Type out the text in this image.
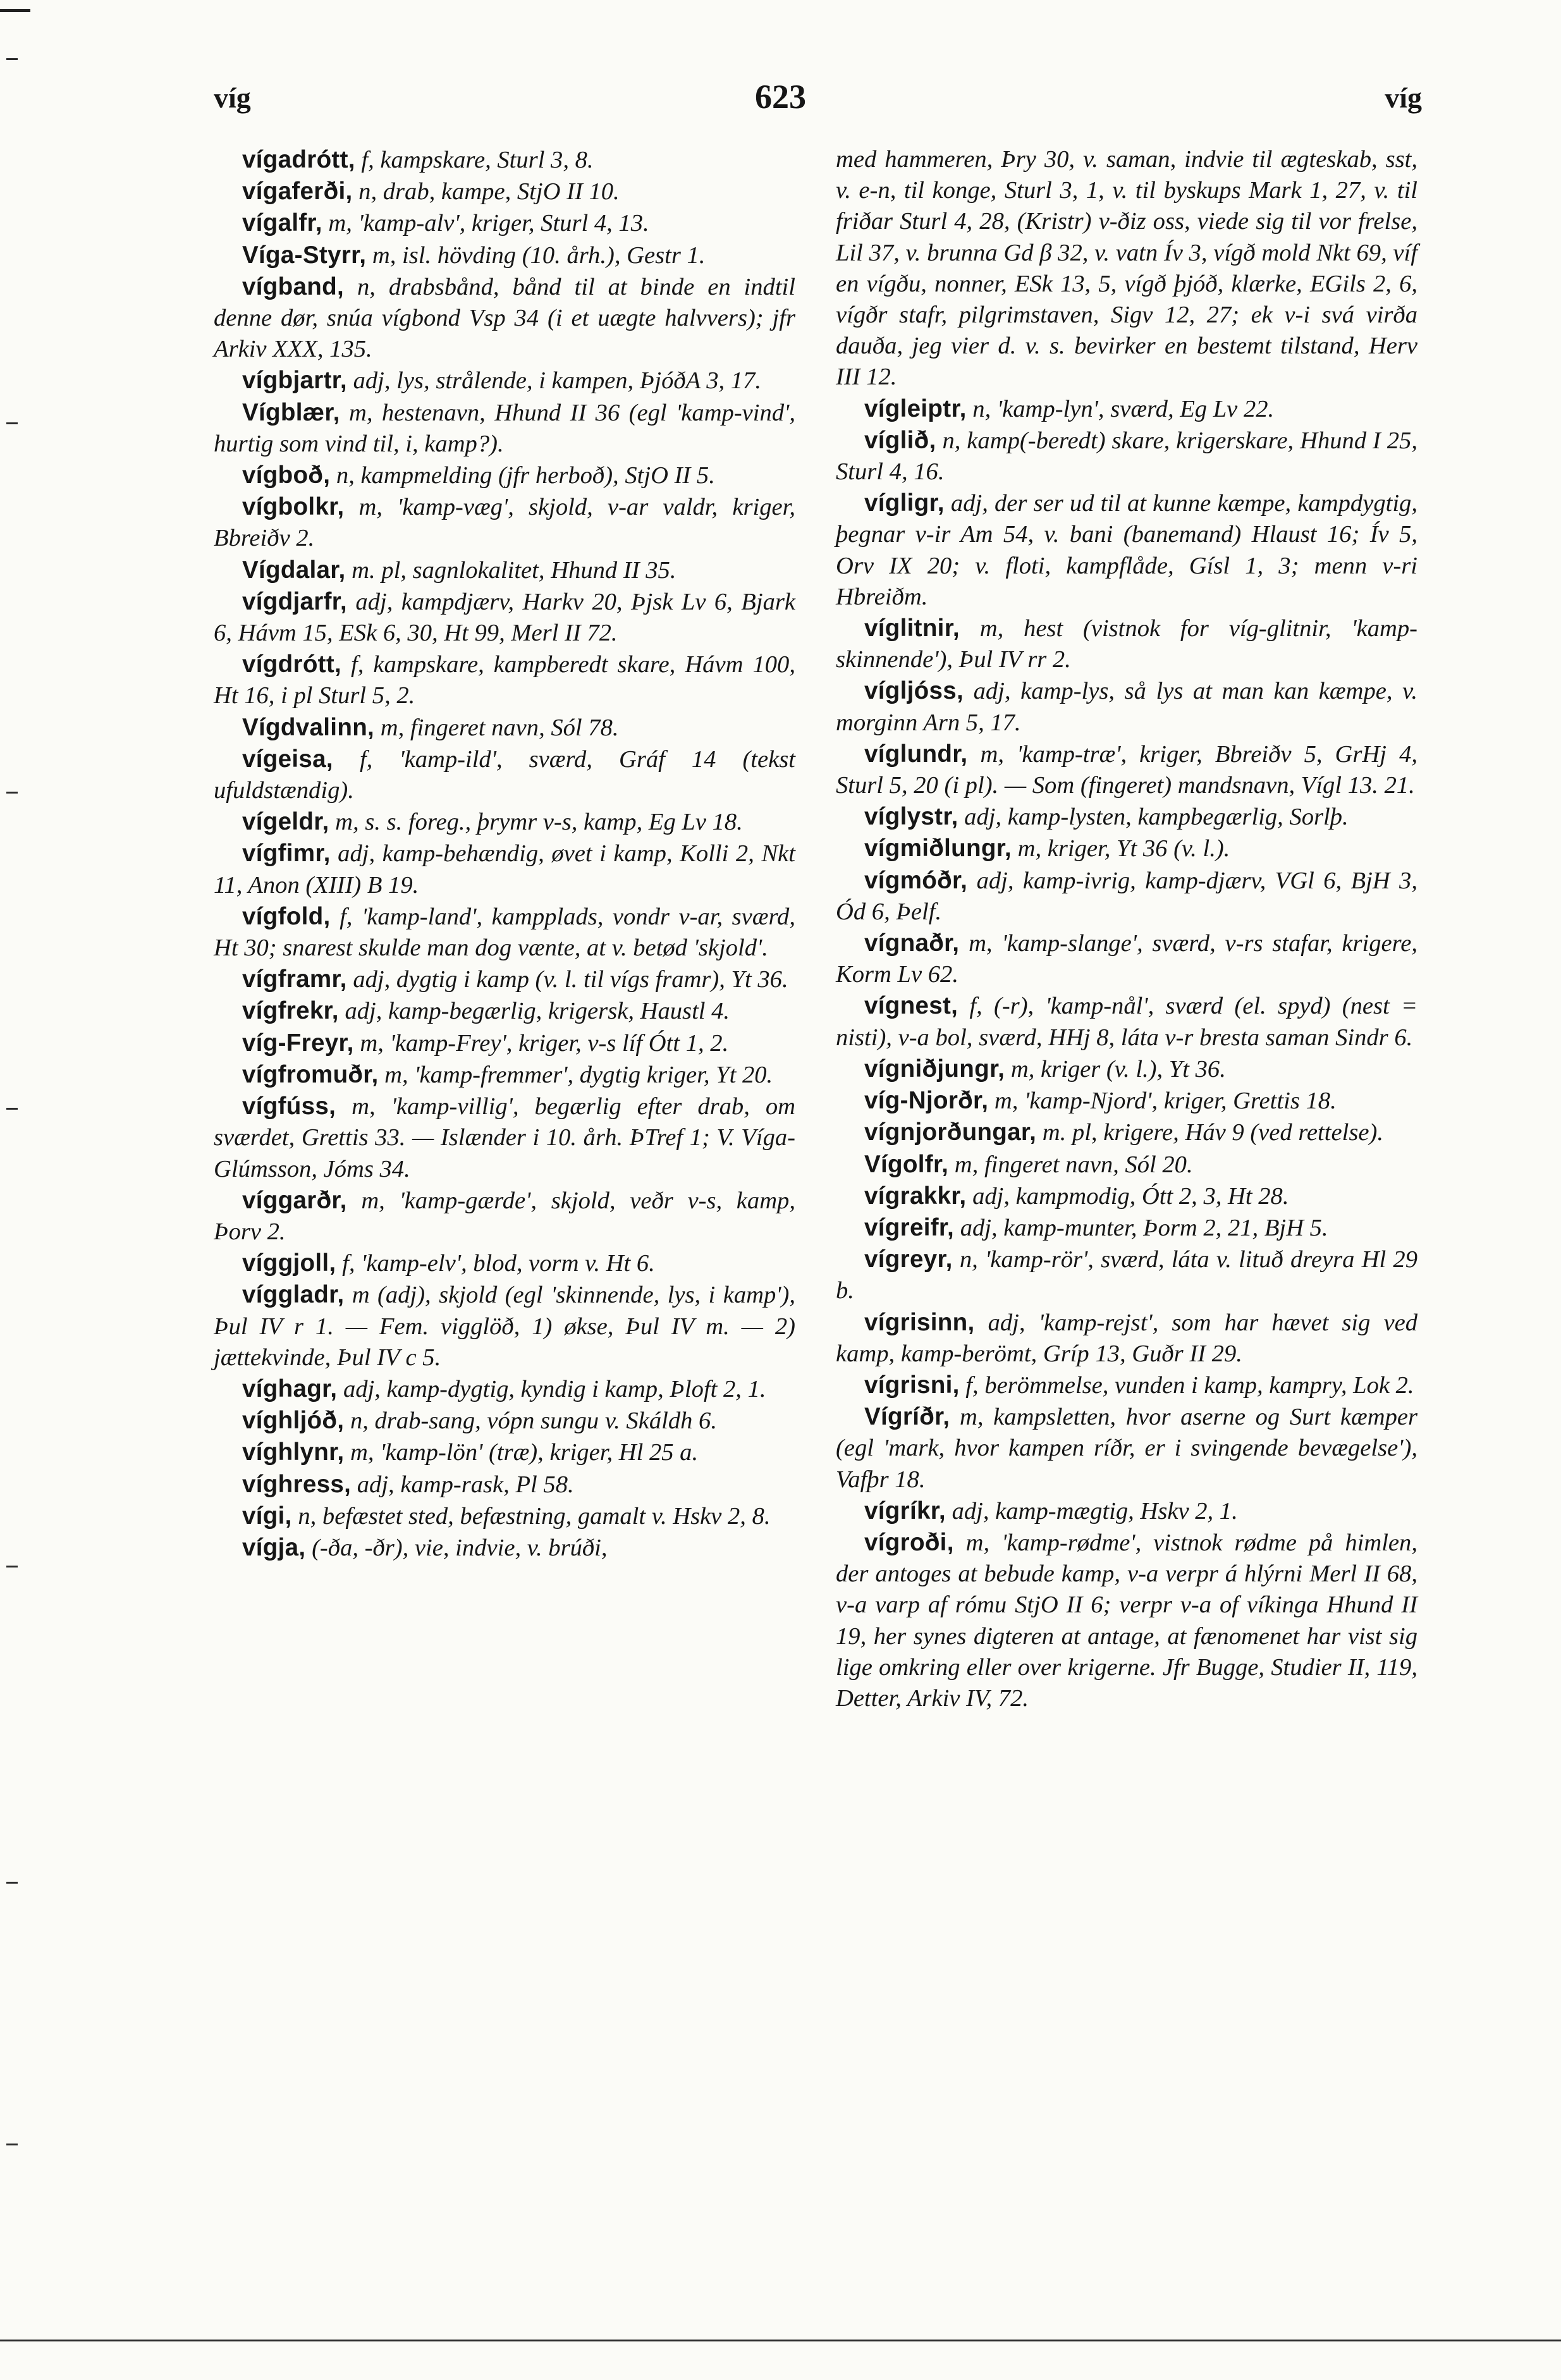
víg	623	víg

vígadrótt, f, kampskare, Sturl 3, 8.

vígaferði, n, drab, kampe, StjO II 10.

vígalfr, m, 'kamp-alv', kriger, Sturl 4, 13.

Víga-Styrr, m, isl. hövding (10. årh.), Gestr 1.

vígband, n, drabsbånd, bånd til at binde en indtil denne dør, snúa vígbond Vsp 34 (i et uægte halvvers); jfr Arkiv XXX, 135.

vígbjartr, adj, lys, strålende, i kampen, ÞjóðA 3, 17.

Vígblær, m, hestenavn, Hhund II 36 (egl 'kamp-vind', hurtig som vind til, i, kamp?).

vígboð, n, kampmelding (jfr herboð), StjO II 5.

vígbolkr, m, 'kamp-væg', skjold, v-ar valdr, kriger, Bbreiðv 2.

Vígdalar, m. pl, sagnlokalitet, Hhund II 35.

vígdjarfr, adj, kampdjærv, Harkv 20, Þjsk Lv 6, Bjark 6, Hávm 15, ESk 6, 30, Ht 99, Merl II 72.

vígdrótt, f, kampskare, kampberedt skare, Hávm 100, Ht 16, i pl Sturl 5, 2.

Vígdvalinn, m, fingeret navn, Sól 78.

vígeisa, f, 'kamp-ild', sværd, Gráf 14 (tekst ufuldstændig).

vígeldr, m, s. s. foreg., þrymr v-s, kamp, Eg Lv 18.

vígfimr, adj, kamp-behændig, øvet i kamp, Kolli 2, Nkt 11, Anon (XIII) B 19.

vígfold, f, 'kamp-land', kampplads, vondr v-ar, sværd, Ht 30; snarest skulde man dog vænte, at v. betød 'skjold'.

vígframr, adj, dygtig i kamp (v. l. til vígs framr), Yt 36.

vígfrekr, adj, kamp-begærlig, krigersk, Haustl 4.

víg-Freyr, m, 'kamp-Frey', kriger, v-s líf Ótt 1, 2.

vígfromuðr, m, 'kamp-fremmer', dygtig kriger, Yt 20.

vígfúss, m, 'kamp-villig', begærlig efter drab, om sværdet, Grettis 33. — Islænder i 10. årh. ÞTref 1; V. Víga-Glúmsson, Jóms 34.

víggarðr, m, 'kamp-gærde', skjold, veðr v-s, kamp, Þorv 2.

víggjoll, f, 'kamp-elv', blod, vorm v. Ht 6.

víggladr, m (adj), skjold (egl 'skinnende, lys, i kamp'), Þul IV r 1. — Fem. vigglöð, 1) økse, Þul IV m. — 2) jættekvinde, Þul IV c 5.

víghagr, adj, kamp-dygtig, kyndig i kamp, Þloft 2, 1.

víghljóð, n, drab-sang, vópn sungu v. Skáldh 6.

víghlynr, m, 'kamp-lön' (træ), kriger, Hl 25 a.

víghress, adj, kamp-rask, Pl 58.

vígi, n, befæstet sted, befæstning, gamalt v. Hskv 2, 8.

vígja, (-ða, -ðr), vie, indvie, v. brúði,

med hammeren, Þry 30, v. saman, indvie til ægteskab, sst, v. e-n, til konge, Sturl 3, 1, v. til byskups Mark 1, 27, v. til friðar Sturl 4, 28, (Kristr) v-ðiz oss, viede sig til vor frelse, Lil 37, v. brunna Gd β 32, v. vatn Ív 3, vígð mold Nkt 69, víf en vígðu, nonner, ESk 13, 5, vígð þjóð, klærke, EGils 2, 6, vígðr stafr, pilgrimstaven, Sigv 12, 27; ek v-i svá virða dauða, jeg vier d. v. s. bevirker en bestemt tilstand, Herv III 12.

vígleiptr, n, 'kamp-lyn', sværd, Eg Lv 22.

víglið, n, kamp(-beredt) skare, krigerskare, Hhund I 25, Sturl 4, 16.

vígligr, adj, der ser ud til at kunne kæmpe, kampdygtig, þegnar v-ir Am 54, v. bani (banemand) Hlaust 16; Ív 5, Orv IX 20; v. floti, kampflåde, Gísl 1, 3; menn v-ri Hbreiðm.

víglitnir, m, hest (vistnok for víg-glitnir, 'kamp-skinnende'), Þul IV rr 2.

vígljóss, adj, kamp-lys, så lys at man kan kæmpe, v. morginn Arn 5, 17.

víglundr, m, 'kamp-træ', kriger, Bbreiðv 5, GrHj 4, Sturl 5, 20 (i pl). — Som (fingeret) mandsnavn, Vígl 13. 21.

víglystr, adj, kamp-lysten, kampbegærlig, Sorlþ.

vígmiðlungr, m, kriger, Yt 36 (v. l.).

vígmóðr, adj, kamp-ivrig, kamp-djærv, VGl 6, BjH 3, Ód 6, Þelf.

vígnaðr, m, 'kamp-slange', sværd, v-rs stafar, krigere, Korm Lv 62.

vígnest, f, (-r), 'kamp-nål', sværd (el. spyd) (nest = nisti), v-a bol, sværd, HHj 8, láta v-r bresta saman Sindr 6.

vígniðjungr, m, kriger (v. l.), Yt 36.

víg-Njorðr, m, 'kamp-Njord', kriger, Grettis 18.

vígnjorðungar, m. pl, krigere, Háv 9 (ved rettelse).

Vígolfr, m, fingeret navn, Sól 20.

vígrakkr, adj, kampmodig, Ótt 2, 3, Ht 28.

vígreifr, adj, kamp-munter, Þorm 2, 21, BjH 5.

vígreyr, n, 'kamp-rör', sværd, láta v. lituð dreyra Hl 29 b.

vígrisinn, adj, 'kamp-rejst', som har hævet sig ved kamp, kamp-berömt, Gríp 13, Guðr II 29.

vígrisni, f, berömmelse, vunden i kamp, kampry, Lok 2.

Vígríðr, m, kampsletten, hvor aserne og Surt kæmper (egl 'mark, hvor kampen ríðr, er i svingende bevægelse'), Vafþr 18.

vígríkr, adj, kamp-mægtig, Hskv 2, 1.

vígroði, m, 'kamp-rødme', vistnok rødme på himlen, der antoges at bebude kamp, v-a verpr á hlýrni Merl II 68, v-a varp af rómu StjO II 6; verpr v-a of víkinga Hhund II 19, her synes digteren at antage, at fænomenet har vist sig lige omkring eller over krigerne. Jfr Bugge, Studier II, 119, Detter, Arkiv IV, 72.
